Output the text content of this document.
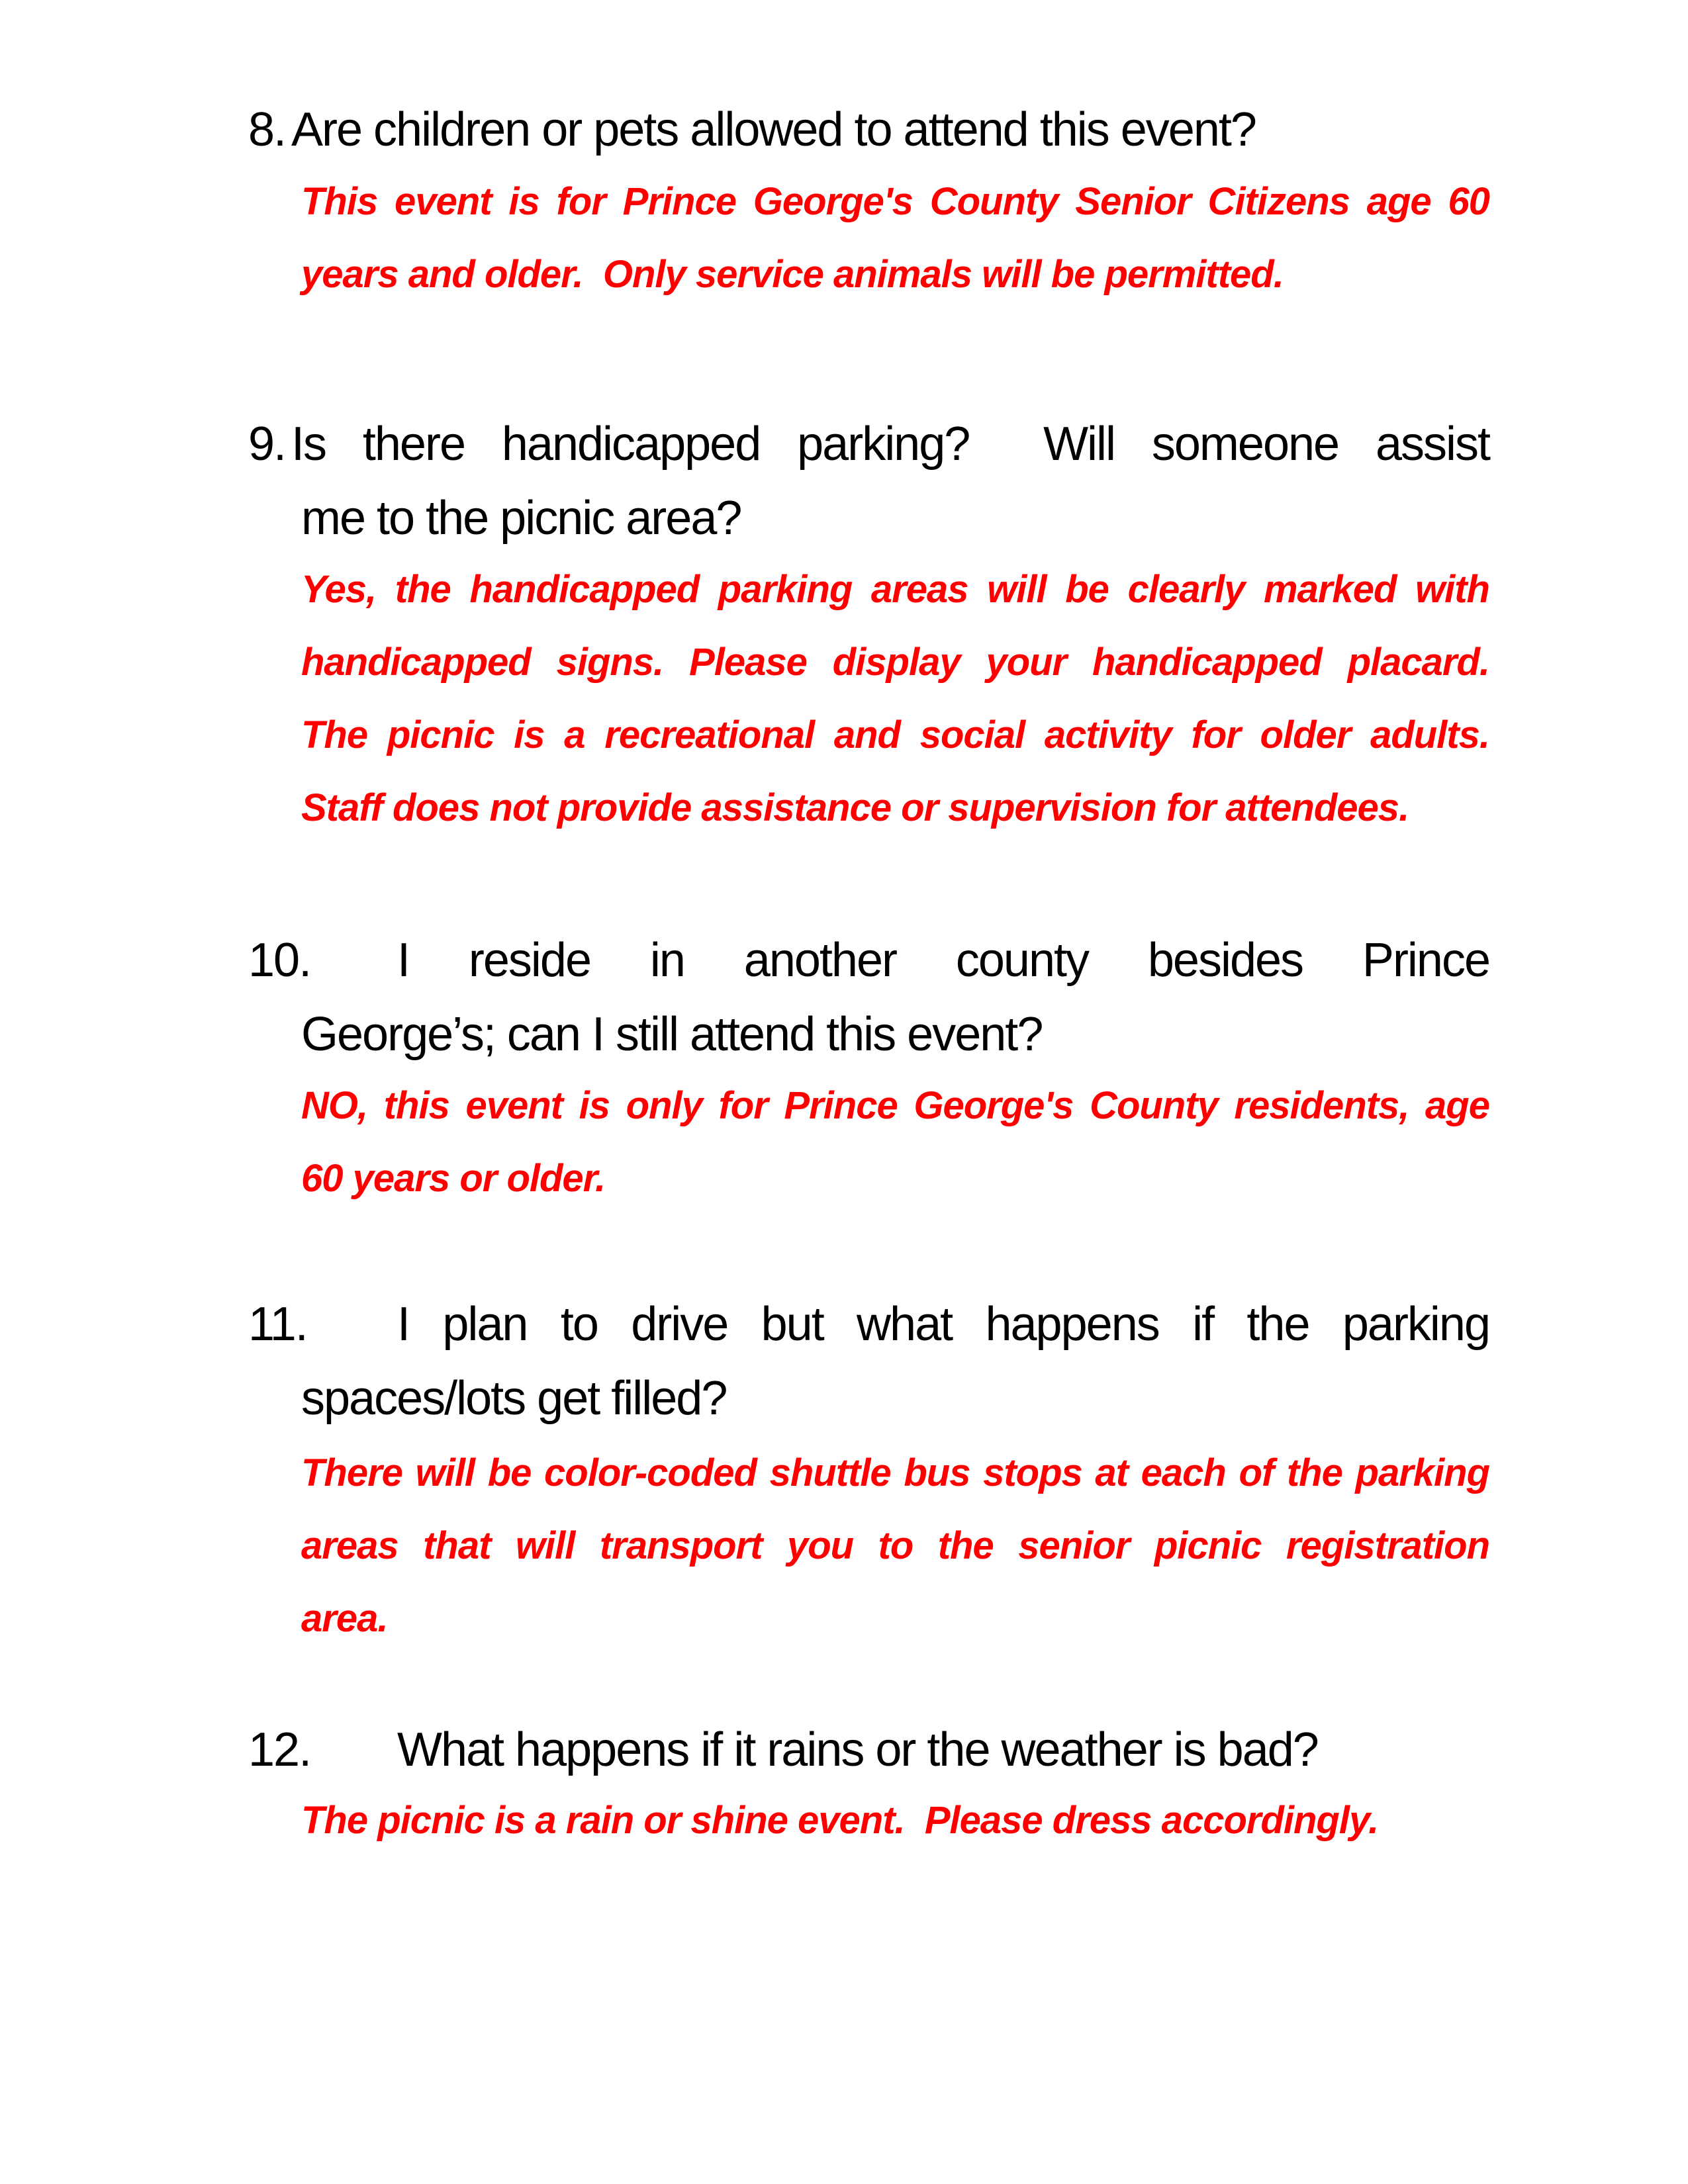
8. Are children or pets allowed to attend this event?
This event is for Prince George's County Senior Citizens age 60
years and older.  Only service animals will be permitted.
9. Is there handicapped parking?  Will someone assist
me to the picnic area?
Yes, the handicapped parking areas will be clearly marked with
handicapped signs. Please display your handicapped placard.
The picnic is a recreational and social activity for older adults.
Staff does not provide assistance or supervision for attendees.
10.	I reside in another county besides Prince
George’s; can I still attend this event?
NO, this event is only for Prince George's County residents, age
60 years or older.
11.	I plan to drive but what happens if the parking
spaces/lots get filled?
There will be color-coded shuttle bus stops at each of the parking
areas that will transport you to the senior picnic registration
area.
12.	What happens if it rains or the weather is bad?
The picnic is a rain or shine event.  Please dress accordingly.
